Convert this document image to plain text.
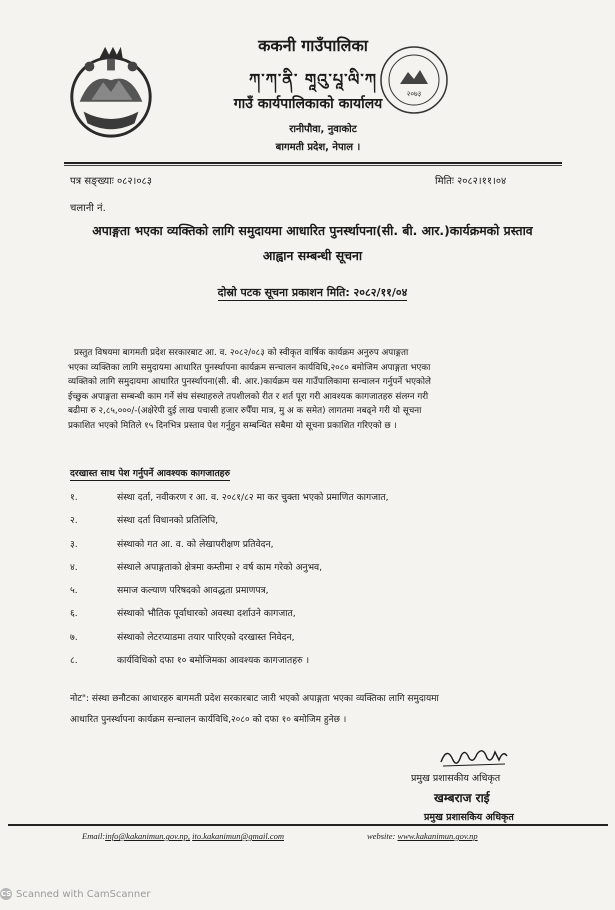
ककनी गाउँपालिका
ཀ་ཀ་ནི་ གཱའུ་པཱ་ལི་ཀ
गाउँ कार्यपालिकाको कार्यालय
रानीपौवा, नुवाकोट
बागमती प्रदेश, नेपाल ।
२०७३
पत्र सङ्ख्याः ०८२।०८३	मितिः २०८२।११।०४
चलानी नं.
अपाङ्गता भएका व्यक्तिको लागि समुदायमा आधारित पुनर्स्थापना(सी. बी. आर.)कार्यक्रमको प्रस्ताव
आह्वान सम्बन्धी सूचना
दोस्रो पटक सूचना प्रकाशन मिति: २०८२/११/०४
प्रस्तुत विषयमा बागमती प्रदेश सरकारबाट आ. व. २०८२/०८३ को स्वीकृत वार्षिक कार्यक्रम अनुरुप अपाङ्गता
भएका व्यक्तिका लागि समुदायमा आधारित पुनर्स्थापना कार्यक्रम सन्चालन कार्यविधि,२०८० बमोजिम अपाङ्गता भएका
व्यक्तिको लागि समुदायमा आधारित पुनर्स्थापना(सी. बी. आर.)कार्यक्रम यस गाउँपालिकामा सन्चालन गर्नुपर्ने भएकोले
ईच्छुक अपाङ्गता सम्बन्धी काम गर्ने संघ संस्थाहरुले तपशीलको रीत र शर्त पूरा गरी आवश्यक कागजातहरु संलग्न गरी
बढीमा रु २,८५,०००/-(अक्षेरेपी दुई लाख पचासी हजार रुपैँया मात्र, मु अ क समेत) लागतमा नबढ्ने गरी यो सूचना
प्रकाशित भएको मितिले १५ दिनभित्र प्रस्ताव पेश गर्नुहुन सम्बन्धित सबैमा यो सूचना प्रकाशित गरिएको छ ।
दरखास्त साथ पेश गर्नुपर्ने आवश्यक कागजातहरु
१.	संस्था दर्ता, नवीकरण र आ. व. २०८१/८२ मा कर चुक्ता भएको प्रमाणित कागजात,
२.	संस्था दर्ता विधानको प्रतिलिपि,
३.	संस्थाको गत आ. व. को लेखापरीक्षण प्रतिवेदन,
४.	संस्थाले अपाङ्गताको क्षेत्रमा कम्तीमा २ वर्ष काम गरेको अनुभव,
५.	समाज कल्याण परिषदको आवद्धता प्रमाणपत्र,
६.	संस्थाको भौतिक पूर्वाधारको अवस्था दर्शाउने कागजात,
७.	संस्थाको लेटरप्याडमा तयार पारिएको दरखास्त निवेदन,
८.	कार्यविधिको दफा १० बमोजिमका आवश्यक कागजातहरु ।
नोट": संस्था छनौटका आधारहरु बागमती प्रदेश सरकारबाट जारी भएको अपाङ्गता भएका व्यक्तिका लागि समुदायमा
आधारित पुनर्स्थापना कार्यक्रम सन्चालन कार्यविधि,२०८० को दफा १० बमोजिम हुनेछ ।
प्रमुख प्रशासकीय अधिकृत
खम्बराज राई
प्रमुख प्रशासकिय अधिकृत
Email:info@kakanimun.gov.np, ito.kakanimun@gmail.com	website: www.kakanimun.gov.np
CS Scanned with CamScanner
